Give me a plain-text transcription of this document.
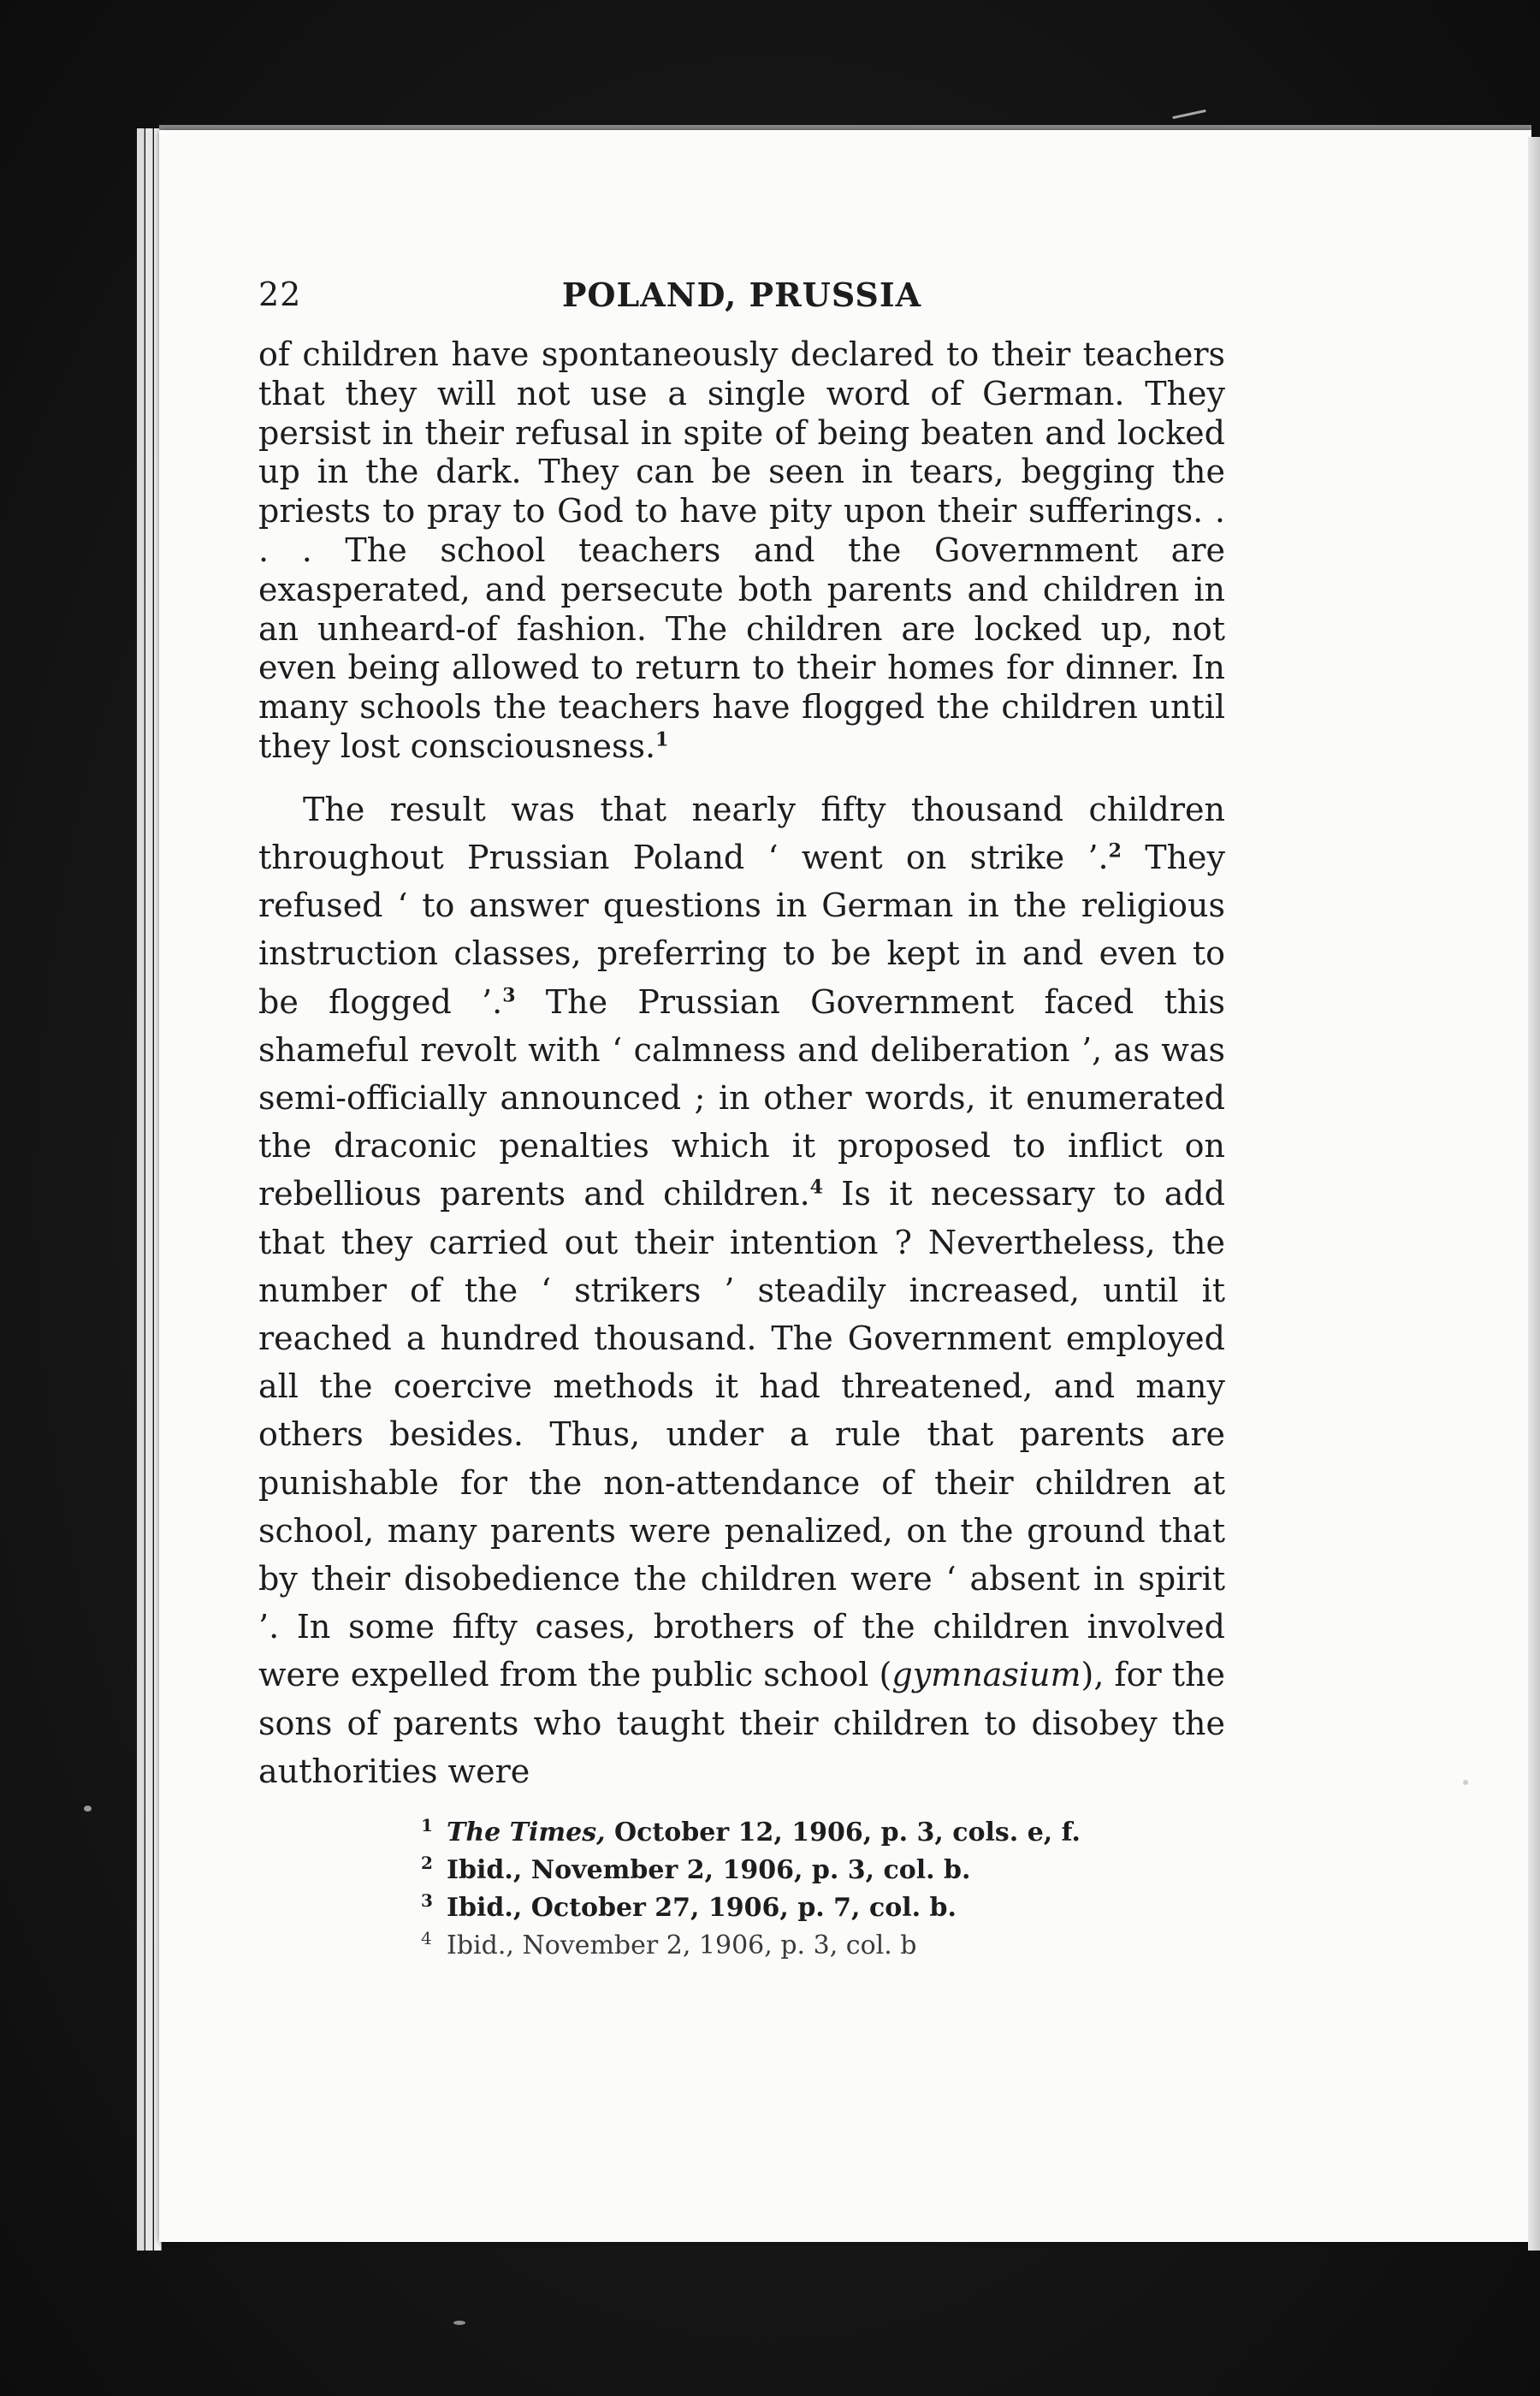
22	POLAND, PRUSSIA

of children have spontaneously declared to their teachers that they will not use a single word of German. They persist in their refusal in spite of being beaten and locked up in the dark. They can be seen in tears, begging the priests to pray to God to have pity upon their sufferings. . . . The school teachers and the Government are exasperated, and persecute both parents and children in an unheard-of fashion. The children are locked up, not even being allowed to return to their homes for dinner. In many schools the teachers have flogged the children until they lost consciousness.$^1$

The result was that nearly fifty thousand children throughout Prussian Poland ‘ went on strike ’.$^2$ They refused ‘ to answer questions in German in the religious instruction classes, preferring to be kept in and even to be flogged ’.$^3$ The Prussian Government faced this shameful revolt with ‘ calmness and deliberation ’, as was semi-officially announced ; in other words, it enumerated the draconic penalties which it proposed to inflict on rebellious parents and children.$^4$ Is it necessary to add that they carried out their intention ? Nevertheless, the number of the ‘ strikers ’ steadily increased, until it reached a hundred thousand. The Government employed all the coercive methods it had threatened, and many others besides. Thus, under a rule that parents are punishable for the non-attendance of their children at school, many parents were penalized, on the ground that by their disobedience the children were ‘ absent in spirit ’. In some fifty cases, brothers of the children involved were expelled from the public school (gymnasium), for the sons of parents who taught their children to disobey the authorities were

1 The Times, October 12, 1906, p. 3, cols. e, f.
2 Ibid., November 2, 1906, p. 3, col. b.
3 Ibid., October 27, 1906, p. 7, col. b.
4 Ibid., November 2, 1906, p. 3, col. b
